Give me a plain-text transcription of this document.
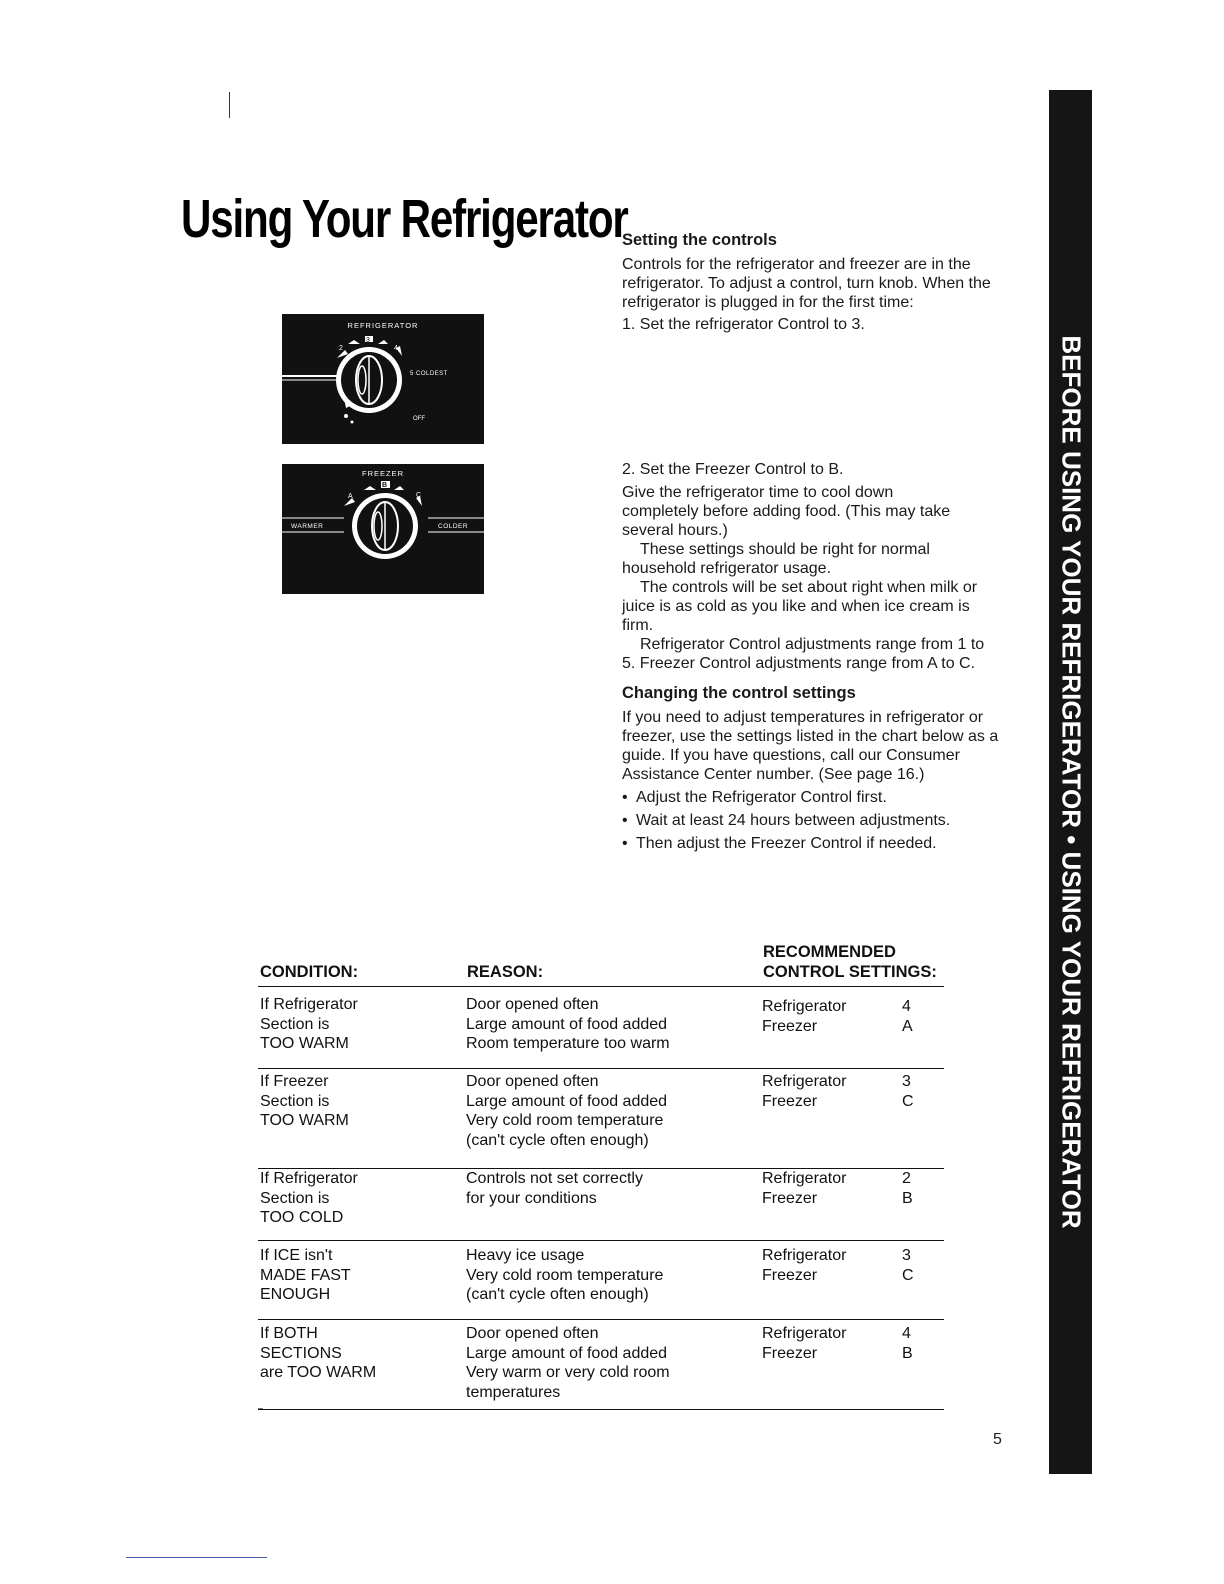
Using Your Refrigerator
BEFORE USING YOUR REFRIGERATOR • USING YOUR REFRIGERATOR
REFRIGERATOR
2
3
4
5 COLDEST
OFF
FREEZER
WARMER	COLDER
A
B
C

Setting the controls

Controls for the refrigerator and freezer are in the refrigerator. To adjust a control, turn knob. When the refrigerator is plugged in for the first time:

1. Set the refrigerator Control to 3.

2. Set the Freezer Control to B.

Give the refrigerator time to cool down completely before adding food. (This may take several hours.)

These settings should be right for normal household refrigerator usage.

The controls will be set about right when milk or juice is as cold as you like and when ice cream is firm.

Refrigerator Control adjustments range from 1 to 5. Freezer Control adjustments range from A to C.

Changing the control settings

If you need to adjust temperatures in refrigerator or freezer, use the settings listed in the chart below as a guide. If you have questions, call our Consumer Assistance Center number. (See page 16.)

• Adjust the Refrigerator Control first.
• Wait at least 24 hours between adjustments.
• Then adjust the Freezer Control if needed.
CONDITION:	REASON:
RECOMMENDED
CONTROL SETTINGS:
If Refrigerator
Section is
TOO WARM
Door opened often
Large amount of food added
Room temperature too warm
Refrigerator
Freezer
4
A
If Freezer
Section is
TOO WARM
Door opened often
Large amount of food added
Very cold room temperature
(can't cycle often enough)
Refrigerator
Freezer
3
C
If Refrigerator
Section is
TOO COLD
Controls not set correctly
for your conditions
Refrigerator
Freezer
2
B
If ICE isn't
MADE FAST
ENOUGH
Heavy ice usage
Very cold room temperature
(can't cycle often enough)
Refrigerator
Freezer
3
C
If BOTH
SECTIONS
are TOO WARM
Door opened often
Large amount of food added
Very warm or very cold room
temperatures
Refrigerator
Freezer
4
B
5
